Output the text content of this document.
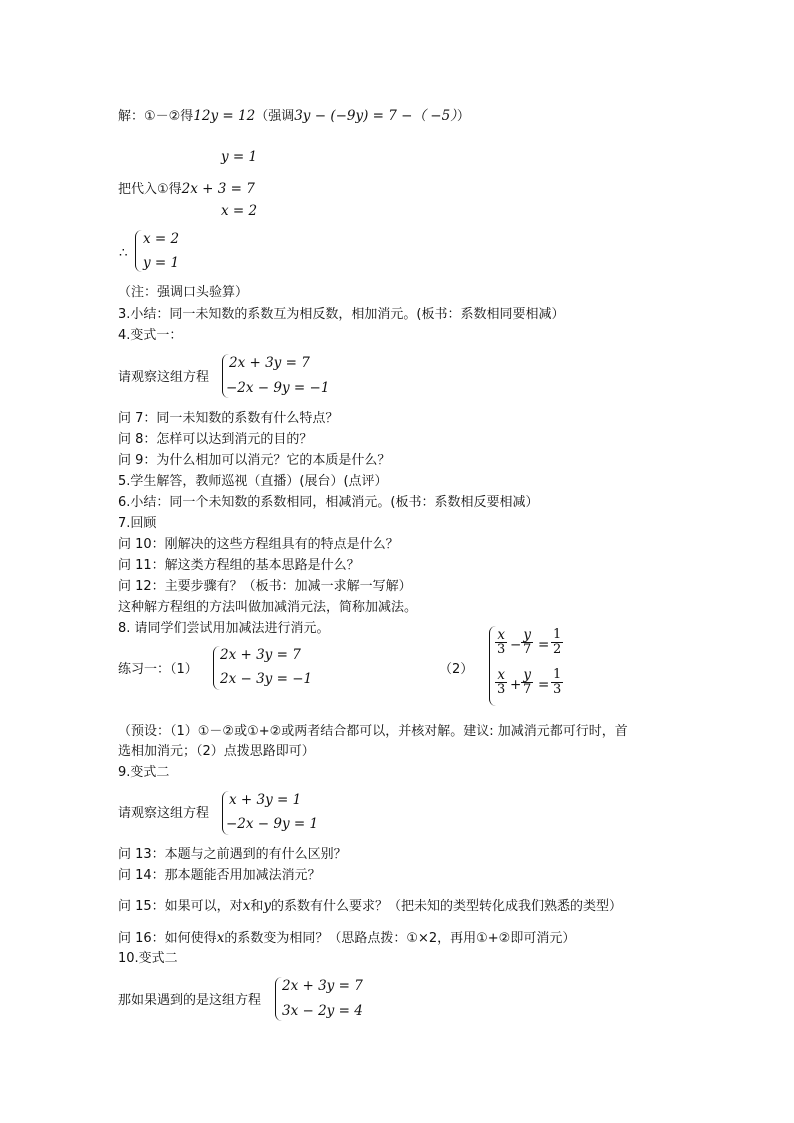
解：①－②得12y = 12（强调3y − (−9y) = 7 −（ −5））
y = 1
把代入①得2x + 3 = 7
x = 2
∴
x = 2
y = 1
（注：强调口头验算）
3.小结：同一未知数的系数互为相反数，相加消元。(板书：系数相同要相减）
4.变式一：
请观察这组方程
2x + 3y = 7
−2x − 9y = −1
问 7：同一未知数的系数有什么特点？
问 8：怎样可以达到消元的目的？
问 9：为什么相加可以消元？它的本质是什么？
5.学生解答，教师巡视（直播）(展台）(点评）
6.小结：同一个未知数的系数相同，相减消元。(板书：系数相反要相减）
7.回顾
问 10：刚解决的这些方程组具有的特点是什么？
问 11：解这类方程组的基本思路是什么？
问 12：主要步骤有？（板书：加减一求解一写解）
这种解方程组的方法叫做加减消元法，简称加减法。
8. 请同学们尝试用加减法进行消元。
练习一：（1）
2x + 3y = 7
2x − 3y = −1
（2）
$\frac{x}{3} - \frac{y}{7} = \frac{1}{2}$
$\frac{x}{3} + \frac{y}{7} = \frac{1}{3}$
（预设：（1）①－②或①+②或两者结合都可以，并核对解。建议: 加减消元都可行时，首
选相加消元；（2）点拨思路即可）
9.变式二
请观察这组方程
x + 3y = 1
−2x − 9y = 1
问 13：本题与之前遇到的有什么区别？
问 14：那本题能否用加减法消元？
问 15：如果可以，对x和y的系数有什么要求？（把未知的类型转化成我们熟悉的类型）
问 16：如何使得x的系数变为相同？（思路点拨：①×2，再用①+②即可消元）
10.变式二
那如果遇到的是这组方程
2x + 3y = 7
3x − 2y = 4
